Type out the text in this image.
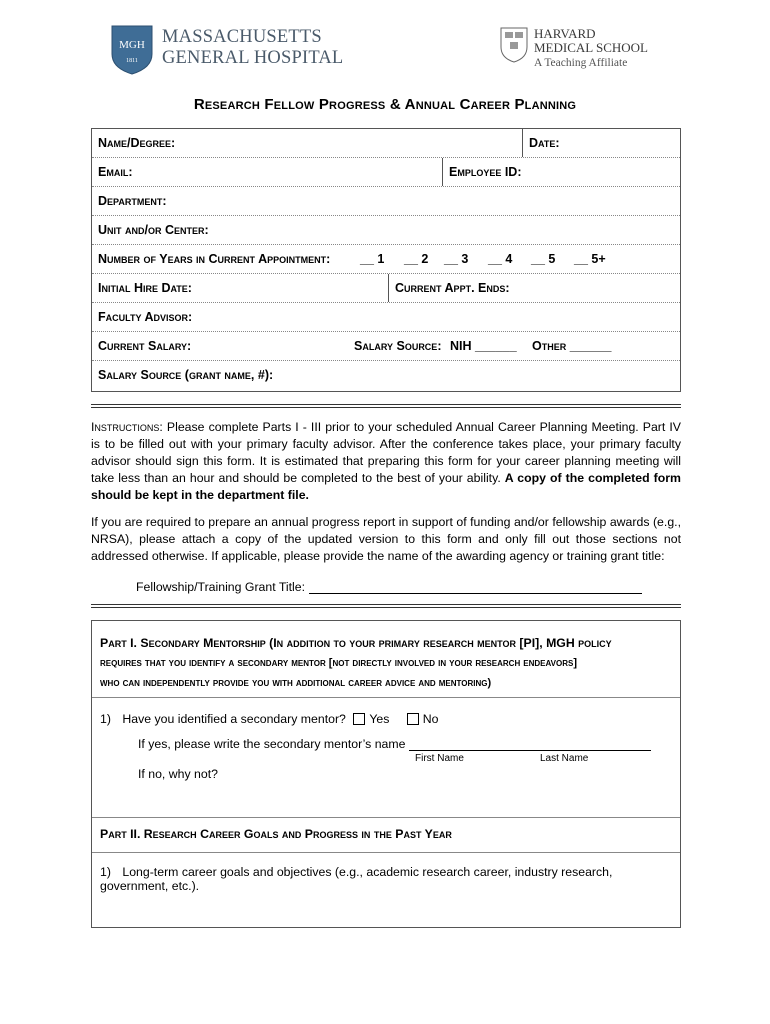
MGH
1811
MASSACHUSETTS
GENERAL HOSPITAL
HARVARD
MEDICAL SCHOOL
A Teaching Affiliate
Research Fellow Progress & Annual Career Planning
Name/Degree:	Date:
Email:	Employee ID:
Department:
Unit and/or Center:
Number of Years in Current Appointment:	__ 1	__ 2	__ 3	__ 4	__ 5	__ 5+
Initial Hire Date:	Current Appt. Ends:
Faculty Advisor:
Current Salary:	Salary Source: NIH ______	Other ______
Salary Source (grant name, #):
Instructions: Please complete Parts I - III prior to your scheduled Annual Career Planning Meeting. Part IV is to be filled out with your primary faculty advisor. After the conference takes place, your primary faculty advisor should sign this form. It is estimated that preparing this form for your career planning meeting will take less than an hour and should be completed to the best of your ability. A copy of the completed form should be kept in the department file.
If you are required to prepare an annual progress report in support of funding and/or fellowship awards (e.g., NRSA), please attach a copy of the updated version to this form and only fill out those sections not addressed otherwise. If applicable, please provide the name of the awarding agency or training grant title:
Fellowship/Training Grant Title:
Part I. Secondary Mentorship (In addition to your primary research mentor [PI], MGH policy
requires that you identify a secondary mentor [not directly involved in your research endeavors]
who can independently provide you with additional career advice and mentoring)
1) Have you identified a secondary mentor? Yes	No
If yes, please write the secondary mentor’s name
First Name	Last Name
If no, why not?
Part II. Research Career Goals and Progress in the Past Year
1) Long-term career goals and objectives (e.g., academic research career, industry research, government, etc.).
